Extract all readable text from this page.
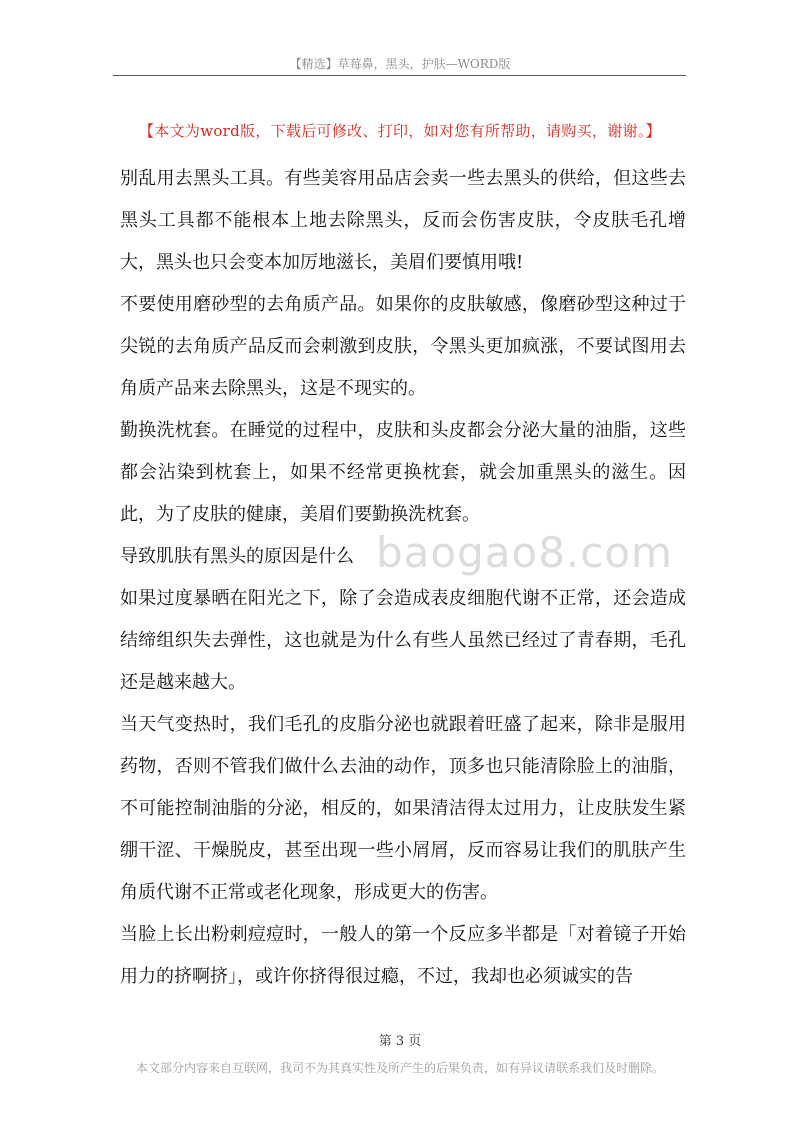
【精选】草莓鼻，黑头，护肤—WORD版
【本文为word版，下载后可修改、打印，如对您有所帮助，请购买，谢谢。】

别乱用去黑头工具。有些美容用品店会卖一些去黑头的供给，但这些去黑头工具都不能根本上地去除黑头，反而会伤害皮肤，令皮肤毛孔增大，黑头也只会变本加厉地滋长，美眉们要慎用哦!

不要使用磨砂型的去角质产品。如果你的皮肤敏感，像磨砂型这种过于尖锐的去角质产品反而会刺激到皮肤，令黑头更加疯涨，不要试图用去角质产品来去除黑头，这是不现实的。

勤换洗枕套。在睡觉的过程中，皮肤和头皮都会分泌大量的油脂，这些都会沾染到枕套上，如果不经常更换枕套，就会加重黑头的滋生。因此，为了皮肤的健康，美眉们要勤换洗枕套。

导致肌肤有黑头的原因是什么

如果过度暴晒在阳光之下，除了会造成表皮细胞代谢不正常，还会造成结缔组织失去弹性，这也就是为什么有些人虽然已经过了青春期，毛孔还是越来越大。

当天气变热时，我们毛孔的皮脂分泌也就跟着旺盛了起来，除非是服用药物，否则不管我们做什么去油的动作，顶多也只能清除脸上的油脂，不可能控制油脂的分泌，相反的，如果清洁得太过用力，让皮肤发生紧绷干涩、干燥脱皮，甚至出现一些小屑屑，反而容易让我们的肌肤产生角质代谢不正常或老化现象，形成更大的伤害。

当脸上长出粉刺痘痘时，一般人的第一个反应多半都是「对着镜子开始用力的挤啊挤」，或许你挤得很过瘾，不过，我却也必须诚实的告

baogao8.com
第 3 页
本文部分内容来自互联网，我司不为其真实性及所产生的后果负责，如有异议请联系我们及时删除。
